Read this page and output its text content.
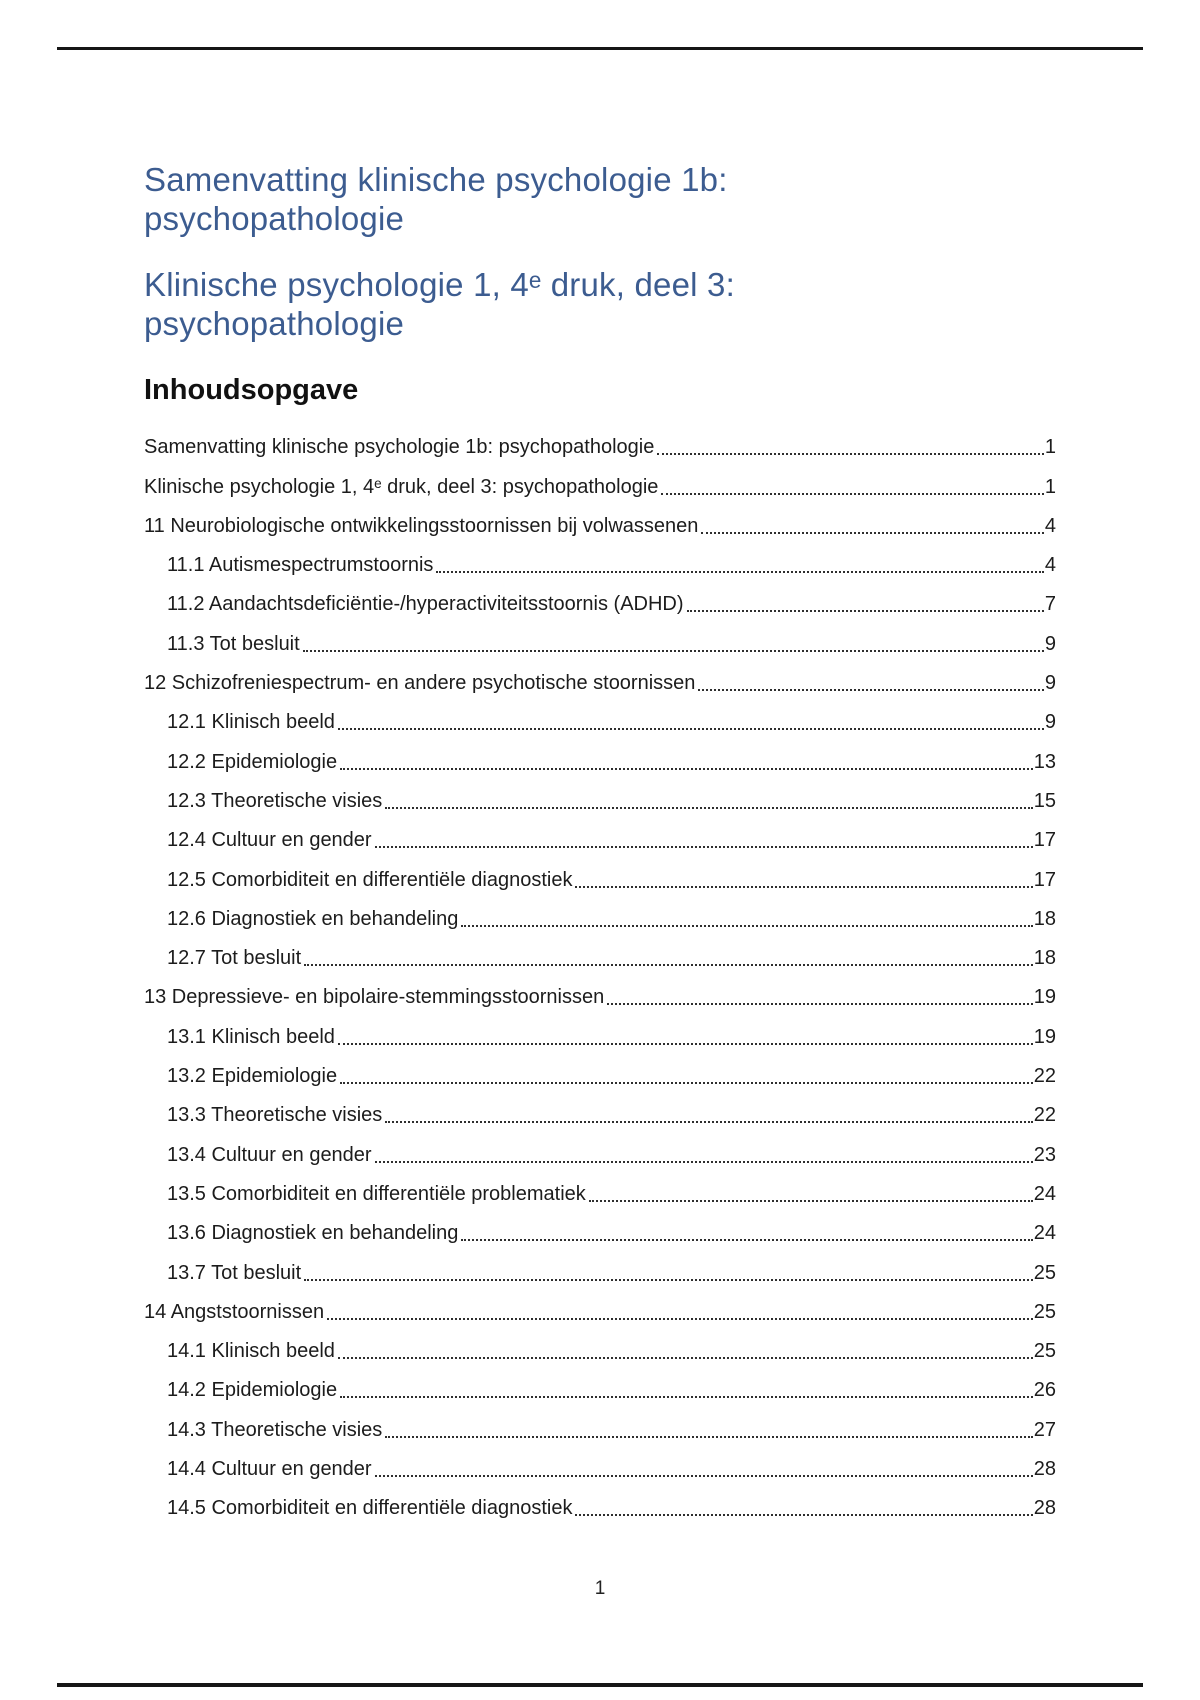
Samenvatting klinische psychologie 1b:
psychopathologie
Klinische psychologie 1, 4ᵉ druk, deel 3:
psychopathologie
Inhoudsopgave
Samenvatting klinische psychologie 1b: psychopathologie	1
Klinische psychologie 1, 4ᵉ druk, deel 3: psychopathologie	1
11 Neurobiologische ontwikkelingsstoornissen bij volwassenen	4
11.1 Autismespectrumstoornis	4
11.2 Aandachtsdeficiëntie-/hyperactiviteitsstoornis (ADHD)	7
11.3 Tot besluit	9
12 Schizofreniespectrum- en andere psychotische stoornissen	9
12.1 Klinisch beeld	9
12.2 Epidemiologie	13
12.3 Theoretische visies	15
12.4 Cultuur en gender	17
12.5 Comorbiditeit en differentiële diagnostiek	17
12.6 Diagnostiek en behandeling	18
12.7 Tot besluit	18
13 Depressieve- en bipolaire-stemmingsstoornissen	19
13.1 Klinisch beeld	19
13.2 Epidemiologie	22
13.3 Theoretische visies	22
13.4 Cultuur en gender	23
13.5 Comorbiditeit en differentiële problematiek	24
13.6 Diagnostiek en behandeling	24
13.7 Tot besluit	25
14 Angststoornissen	25
14.1 Klinisch beeld	25
14.2 Epidemiologie	26
14.3 Theoretische visies	27
14.4 Cultuur en gender	28
14.5 Comorbiditeit en differentiële diagnostiek	28
1
